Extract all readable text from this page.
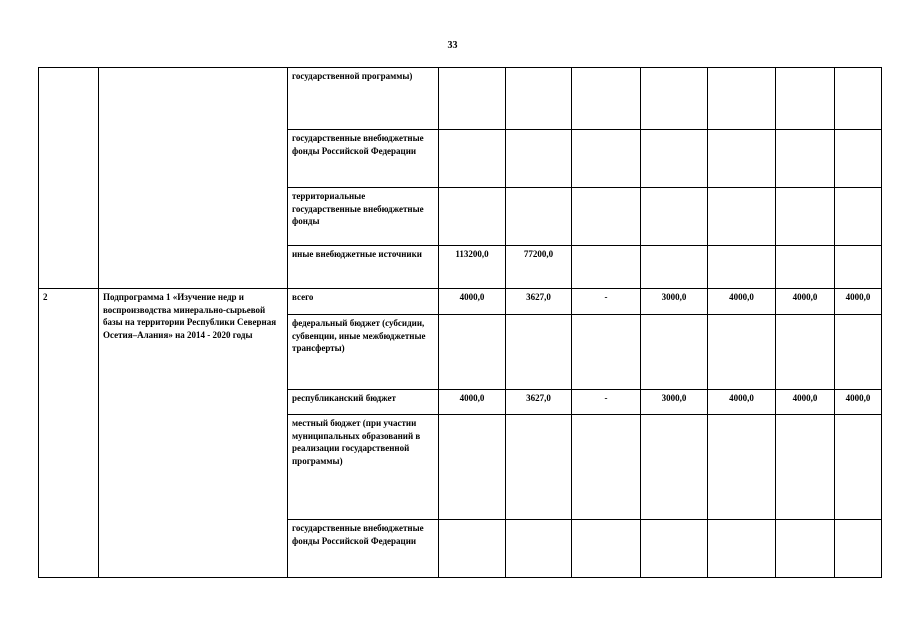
33
		государственной программы)							
		государственные внебюджетные фонды Российской Федерации							
		территориальные государственные внебюджетные фонды							
		иные внебюджетные источники	113200,0	77200,0					
2	Подпрограмма 1 «Изучение недр и воспроизводства минерально-сырьевой базы на территории Республики Северная Осетия–Алания» на 2014 - 2020 годы	всего	4000,0	3627,0	-	3000,0	4000,0	4000,0	4000,0
		федеральный бюджет (субсидии, субвенции, иные межбюджетные трансферты)							
		республиканский бюджет	4000,0	3627,0	-	3000,0	4000,0	4000,0	4000,0
		местный бюджет (при участии муниципальных образований в реализации государственной программы)							
		государственные внебюджетные фонды Российской Федерации							
